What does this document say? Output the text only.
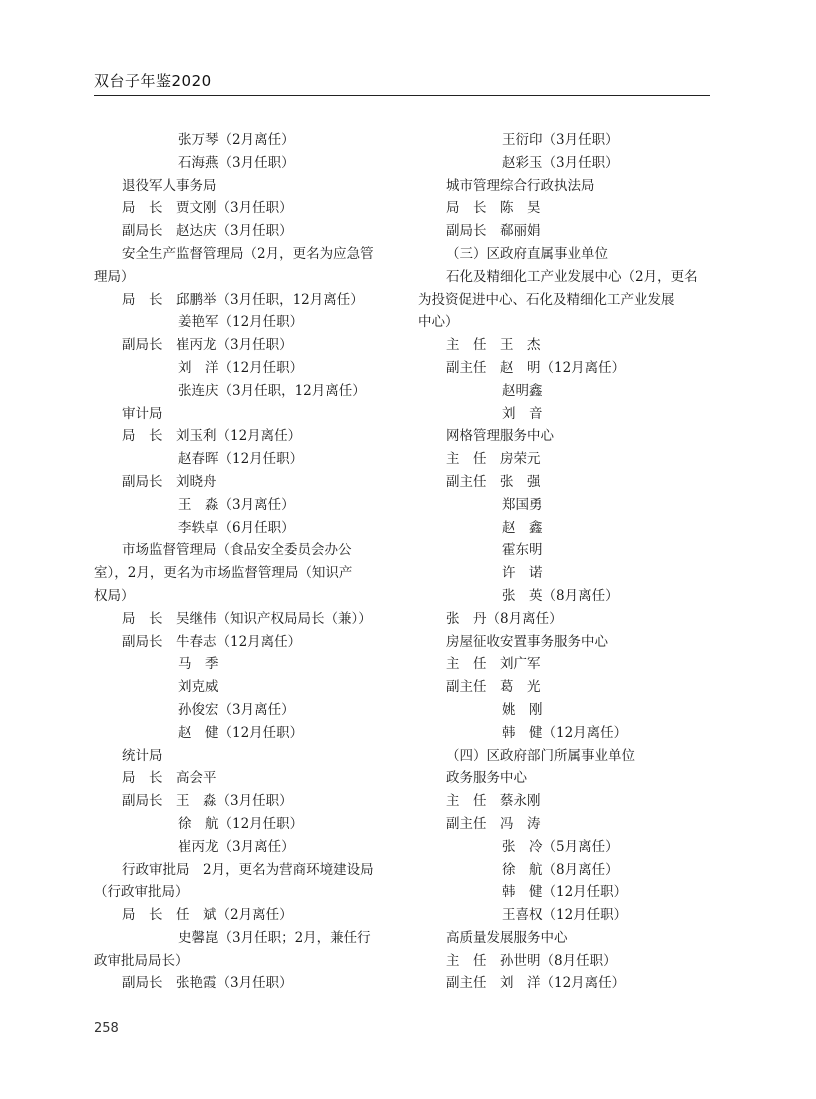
双台子年鉴2020
张万琴（2月离任）
石海燕（3月任职）
退役军人事务局
局　长　贾文刚（3月任职）
副局长　赵达庆（3月任职）
安全生产监督管理局（2月，更名为应急管
理局）
局　长　邱鹏举（3月任职，12月离任）
姜艳军（12月任职）
副局长　崔丙龙（3月任职）
刘　洋（12月任职）
张连庆（3月任职，12月离任）
审计局
局　长　刘玉利（12月离任）
赵春晖（12月任职）
副局长　刘晓舟
王　淼（3月离任）
李轶卓（6月任职）
市场监督管理局（食品安全委员会办公
室），2月，更名为市场监督管理局（知识产
权局）
局　长　吴继伟（知识产权局局长（兼））
副局长　牛春志（12月离任）
马　季
刘克威
孙俊宏（3月离任）
赵　健（12月任职）
统计局
局　长　高会平
副局长　王　淼（3月任职）
徐　航（12月任职）
崔丙龙（3月离任）
行政审批局　2月，更名为营商环境建设局
（行政审批局）
局　长　任　斌（2月离任）
史馨崑（3月任职；2月，兼任行
政审批局局长）
副局长　张艳霞（3月任职）
王衍印（3月任职）
赵彩玉（3月任职）
城市管理综合行政执法局
局　长　陈　昊
副局长　郗丽娟
（三）区政府直属事业单位
石化及精细化工产业发展中心（2月，更名
为投资促进中心、石化及精细化工产业发展
中心）
主　任　王　杰
副主任　赵　明（12月离任）
赵明鑫
刘　音
网格管理服务中心
主　任　房荣元
副主任　张　强
郑国勇
赵　鑫
霍东明
许　诺
张　英（8月离任）
张　丹（8月离任）
房屋征收安置事务服务中心
主　任　刘广军
副主任　葛　光
姚　刚
韩　健（12月离任）
（四）区政府部门所属事业单位
政务服务中心
主　任　蔡永刚
副主任　冯　涛
张　冷（5月离任）
徐　航（8月离任）
韩　健（12月任职）
王喜权（12月任职）
高质量发展服务中心
主　任　孙世明（8月任职）
副主任　刘　洋（12月离任）
258
